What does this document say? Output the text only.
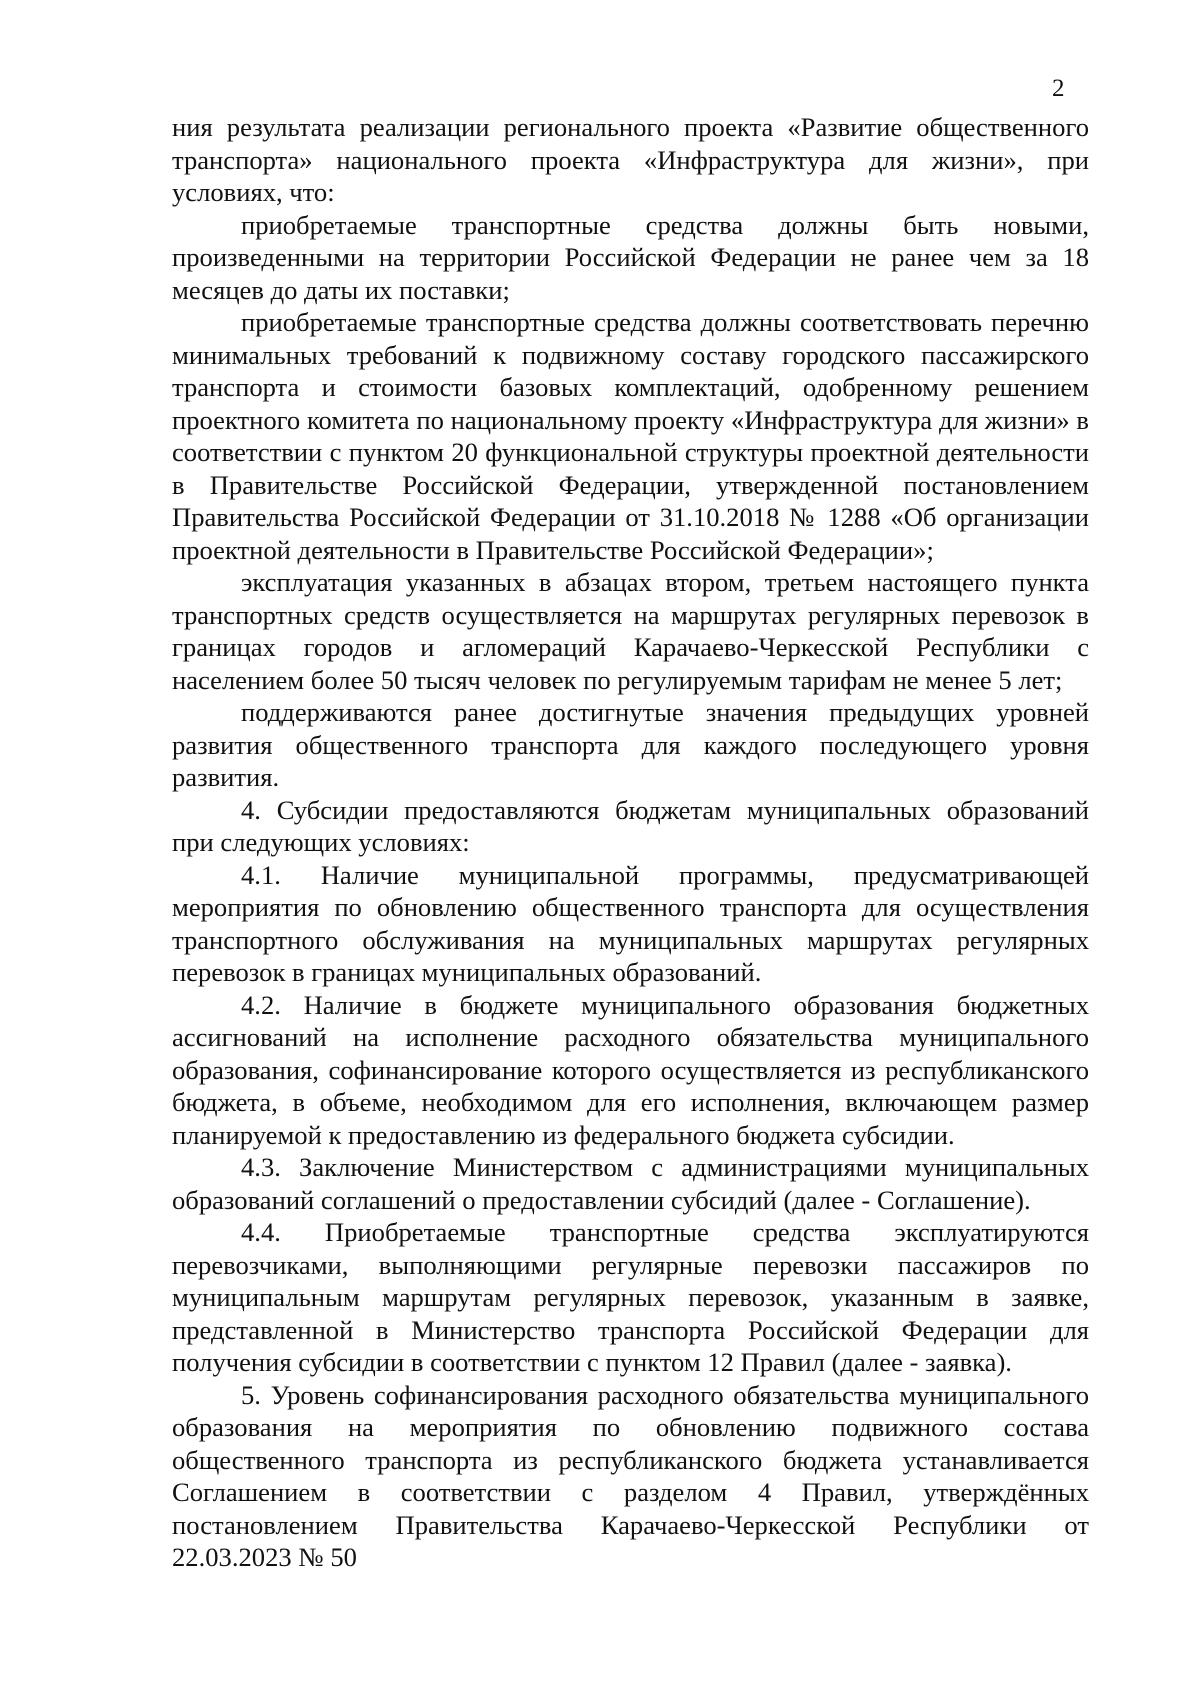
2

ния результата реализации регионального проекта «Развитие общественного транспорта» национального проекта «Инфраструктура для жизни», при условиях, что:

приобретаемые транспортные средства должны быть новыми, произведенными на территории Российской Федерации не ранее чем за 18 месяцев до даты их поставки;

приобретаемые транспортные средства должны соответствовать перечню минимальных требований к подвижному составу городского пассажирского транспорта и стоимости базовых комплектаций, одобренному решением проектного комитета по национальному проекту «Инфраструктура для жизни» в соответствии с пунктом 20 функциональной структуры проектной деятельности в Правительстве Российской Федерации, утвержденной постановлением Правительства Российской Федерации от 31.10.2018 № 1288 «Об организации проектной деятельности в Правительстве Российской Федерации»;

эксплуатация указанных в абзацах втором, третьем настоящего пункта транспортных средств осуществляется на маршрутах регулярных перевозок в границах городов и агломераций Карачаево-Черкесской Республики с населением более 50 тысяч человек по регулируемым тарифам не менее 5 лет;

поддерживаются ранее достигнутые значения предыдущих уровней развития общественного транспорта для каждого последующего уровня развития.

4. Субсидии предоставляются бюджетам муниципальных образований при следующих условиях:

4.1. Наличие муниципальной программы, предусматривающей мероприятия по обновлению общественного транспорта для осуществления транспортного обслуживания на муниципальных маршрутах регулярных перевозок в границах муниципальных образований.

4.2. Наличие в бюджете муниципального образования бюджетных ассигнований на исполнение расходного обязательства муниципального образования, софинансирование которого осуществляется из республиканского бюджета, в объеме, необходимом для его исполнения, включающем размер планируемой к предоставлению из федерального бюджета субсидии.

4.3. Заключение Министерством с администрациями муниципальных образований соглашений о предоставлении субсидий (далее - Соглашение).

4.4. Приобретаемые транспортные средства эксплуатируются перевозчиками, выполняющими регулярные перевозки пассажиров по муниципальным маршрутам регулярных перевозок, указанным в заявке, представленной в Министерство транспорта Российской Федерации для получения субсидии в соответствии с пунктом 12 Правил (далее - заявка).

5. Уровень софинансирования расходного обязательства муниципального образования на мероприятия по обновлению подвижного состава общественного транспорта из республиканского бюджета устанавливается Соглашением в соответствии с разделом 4 Правил, утверждённых постановлением Правительства Карачаево-Черкесской Республики от 22.03.2023 № 50
